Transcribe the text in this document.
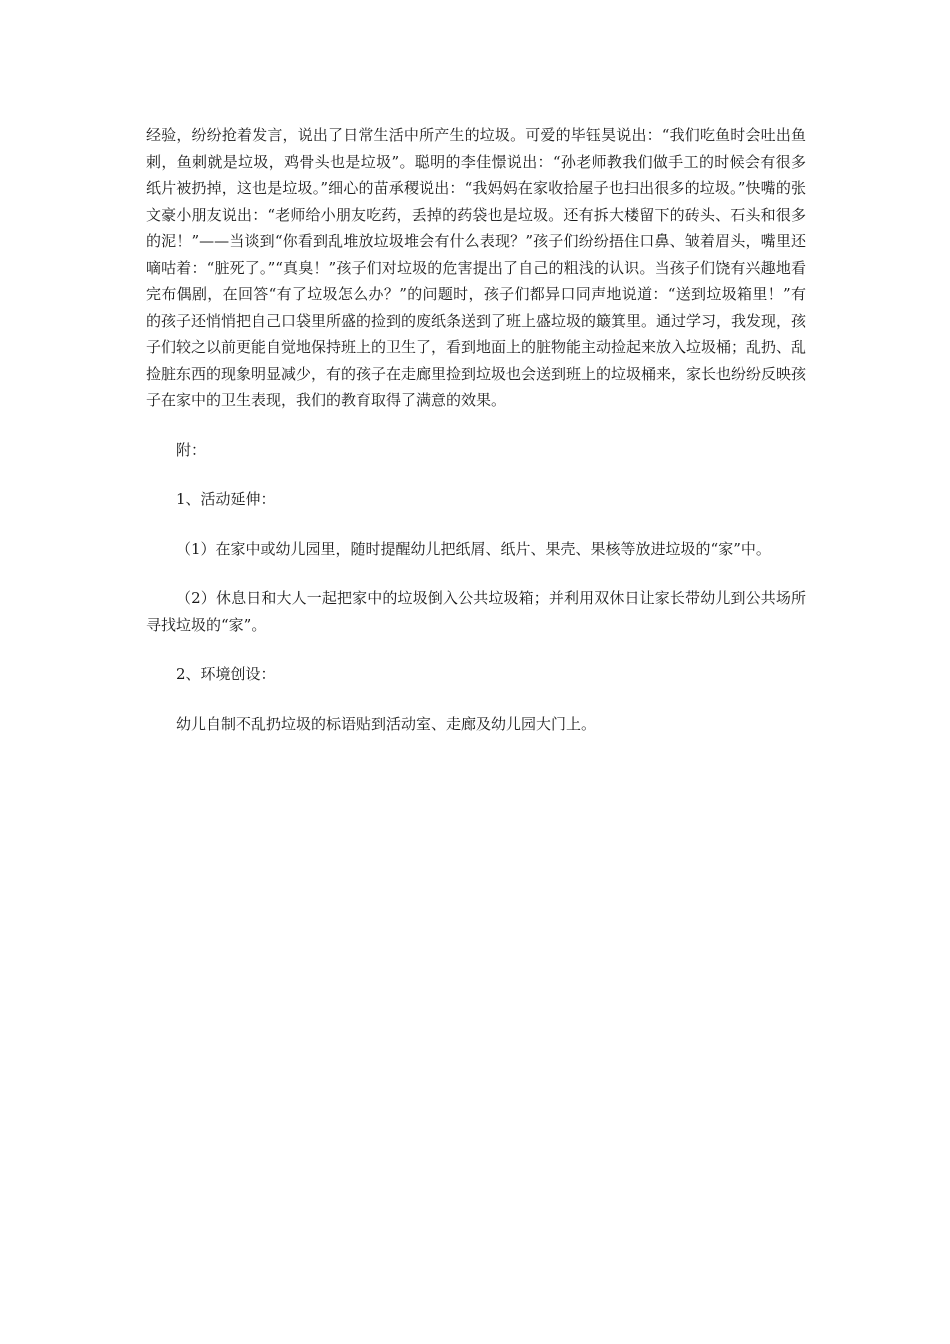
经验，纷纷抢着发言，说出了日常生活中所产生的垃圾。可爱的毕钰昊说出：“我们吃鱼时会吐出鱼刺，鱼刺就是垃圾，鸡骨头也是垃圾”。聪明的李佳憬说出：“孙老师教我们做手工的时候会有很多纸片被扔掉，这也是垃圾。”细心的苗承稷说出：“我妈妈在家收拾屋子也扫出很多的垃圾。”快嘴的张文豪小朋友说出：“老师给小朋友吃药，丢掉的药袋也是垃圾。还有拆大楼留下的砖头、石头和很多的泥！”——当谈到“你看到乱堆放垃圾堆会有什么表现？”孩子们纷纷捂住口鼻、皱着眉头，嘴里还嘀咕着：“脏死了。”“真臭！”孩子们对垃圾的危害提出了自己的粗浅的认识。当孩子们饶有兴趣地看完布偶剧，在回答“有了垃圾怎么办？”的问题时，孩子们都异口同声地说道：“送到垃圾箱里！”有的孩子还悄悄把自己口袋里所盛的捡到的废纸条送到了班上盛垃圾的簸箕里。通过学习，我发现，孩子们较之以前更能自觉地保持班上的卫生了，看到地面上的脏物能主动捡起来放入垃圾桶；乱扔、乱捡脏东西的现象明显减少，有的孩子在走廊里捡到垃圾也会送到班上的垃圾桶来，家长也纷纷反映孩子在家中的卫生表现，我们的教育取得了满意的效果。

附：

1、活动延伸：

（1）在家中或幼儿园里，随时提醒幼儿把纸屑、纸片、果壳、果核等放进垃圾的“家”中。

（2）休息日和大人一起把家中的垃圾倒入公共垃圾箱；并利用双休日让家长带幼儿到公共场所寻找垃圾的“家”。

2、环境创设：

幼儿自制不乱扔垃圾的标语贴到活动室、走廊及幼儿园大门上。
